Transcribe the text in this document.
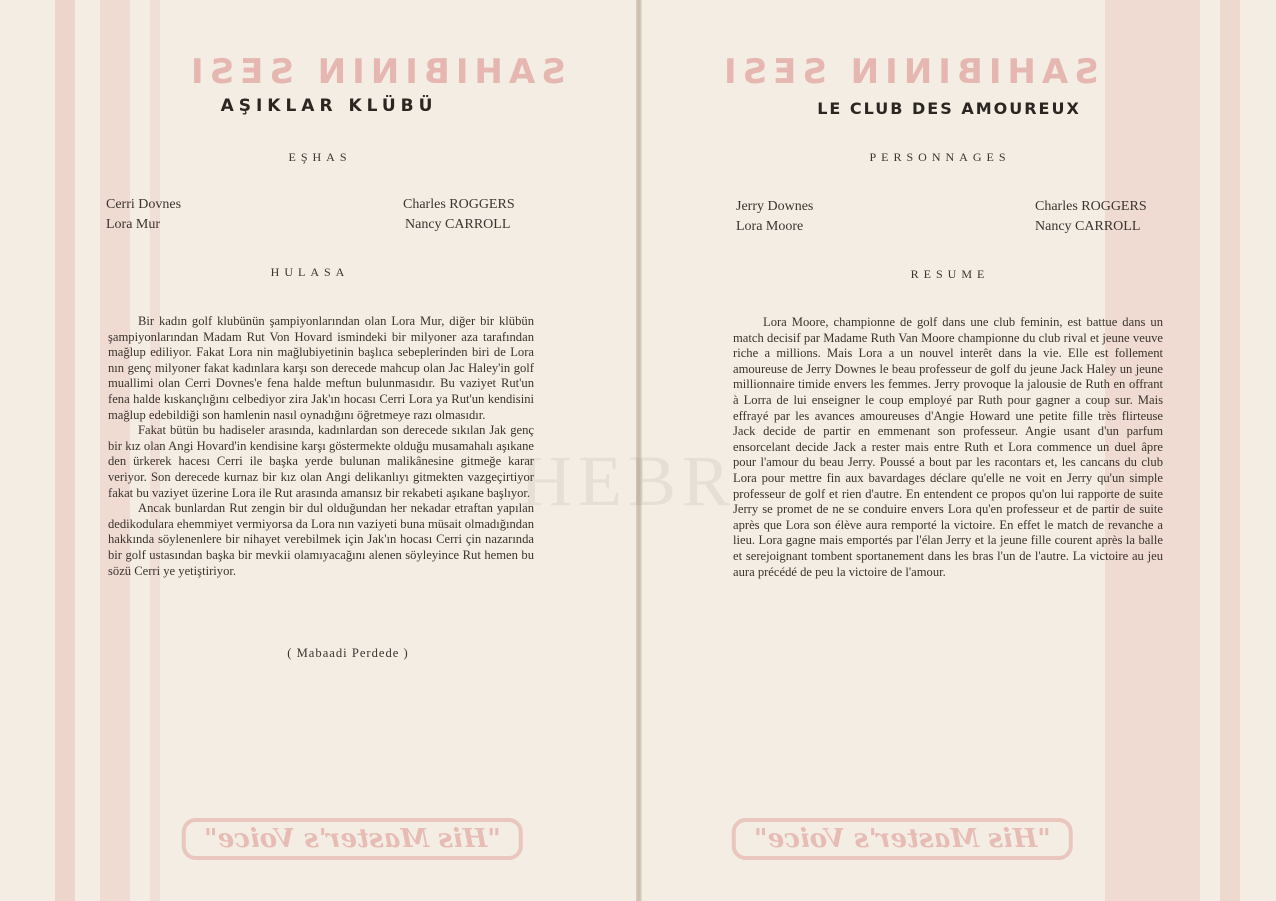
SAHIBININ SESI
"His Master's Voice"
AŞIKLAR KLÜBÜ
EŞHAS
Cerri Dovnes	Charles ROGGERS
Lora Mur	Nancy CARROLL
HULASA

Bir kadın golf klubünün şampiyonlarından olan Lora Mur, diğer bir klübün şampiyonlarından Madam Rut Von Hovard ismindeki bir milyoner aza tarafından mağlup ediliyor. Fakat Lora nin mağlubiyetinin başlıca sebeplerinden biri de Lora nın genç milyoner fakat kadınlara karşı son derecede mahcup olan Jac Haley'in golf muallimi olan Cerri Dovnes'e fena halde meftun bulunmasıdır. Bu vaziyet Rut'un fena halde kıskançlığını celbediyor zira Jak'ın hocası Cerri Lora ya Rut'un kendisini mağlup edebildiği son hamlenin nasıl oynadığını öğretmeye razı olmasıdır.

Fakat bütün bu hadiseler arasında, kadınlardan son derecede sıkılan Jak genç bir kız olan Angi Hovard'in kendisine karşı göstermekte olduğu musamahalı aşıkane den ürkerek hacesı Cerri ile başka yerde bulunan malikânesine gitmeğe karar veriyor. Son derecede kurnaz bir kız olan Angi delikanlıyı gitmekten vazgeçirtiyor fakat bu vaziyet üzerine Lora ile Rut arasında amansız bir rekabeti aşıkane başlıyor.

Ancak bunlardan Rut zengin bir dul olduğundan her nekadar etraftan yapılan dedikodulara ehemmiyet vermiyorsa da Lora nın vaziyeti buna müsait olmadığından hakkında söylenenlere bir nihayet verebilmek için Jak'ın hocası Cerri çin nazarında bir golf ustasından başka bir mevkii olamıyacağını alenen söyleyince Rut hemen bu sözü Cerri ye yetiştiriyor.

( Mabaadi Perdede )
SAHIBININ SESI
"His Master's Voice"
LE CLUB DES AMOUREUX
PERSONNAGES
Jerry Downes	Charles ROGGERS
Lora Moore	Nancy CARROLL
RESUME

Lora Moore, championne de golf dans une club feminin, est battue dans un match decisif par Madame Ruth Van Moore championne du club rival et jeune veuve riche a millions. Mais Lora a un nouvel interêt dans la vie. Elle est follement amoureuse de Jerry Downes le beau professeur de golf du jeune Jack Haley un jeune millionnaire timide envers les femmes. Jerry provoque la jalousie de Ruth en offrant à Lorra de lui enseigner le coup employé par Ruth pour gagner a coup sur. Mais effrayé par les avances amoureuses d'Angie Howard une petite fille très flirteuse Jack decide de partir en emmenant son professeur. Angie usant d'un parfum ensorcelant decide Jack a rester mais entre Ruth et Lora commence un duel âpre pour l'amour du beau Jerry. Poussé a bout par les racontars et, les cancans du club Lora pour mettre fin aux bavardages déclare qu'elle ne voit en Jerry qu'un simple professeur de golf et rien d'autre. En entendent ce propos qu'on lui rapporte de suite Jerry se promet de ne se conduire envers Lora qu'en professeur et de partir de suite après que Lora son élève aura remporté la victoire. En effet le match de revanche a lieu. Lora gagne mais emportés par l'élan Jerry et la jeune fille courent après la balle et serejoignant tombent sportanement dans les bras l'un de l'autre. La victoire au jeu aura précédé de peu la victoire de l'amour.

HEBR
